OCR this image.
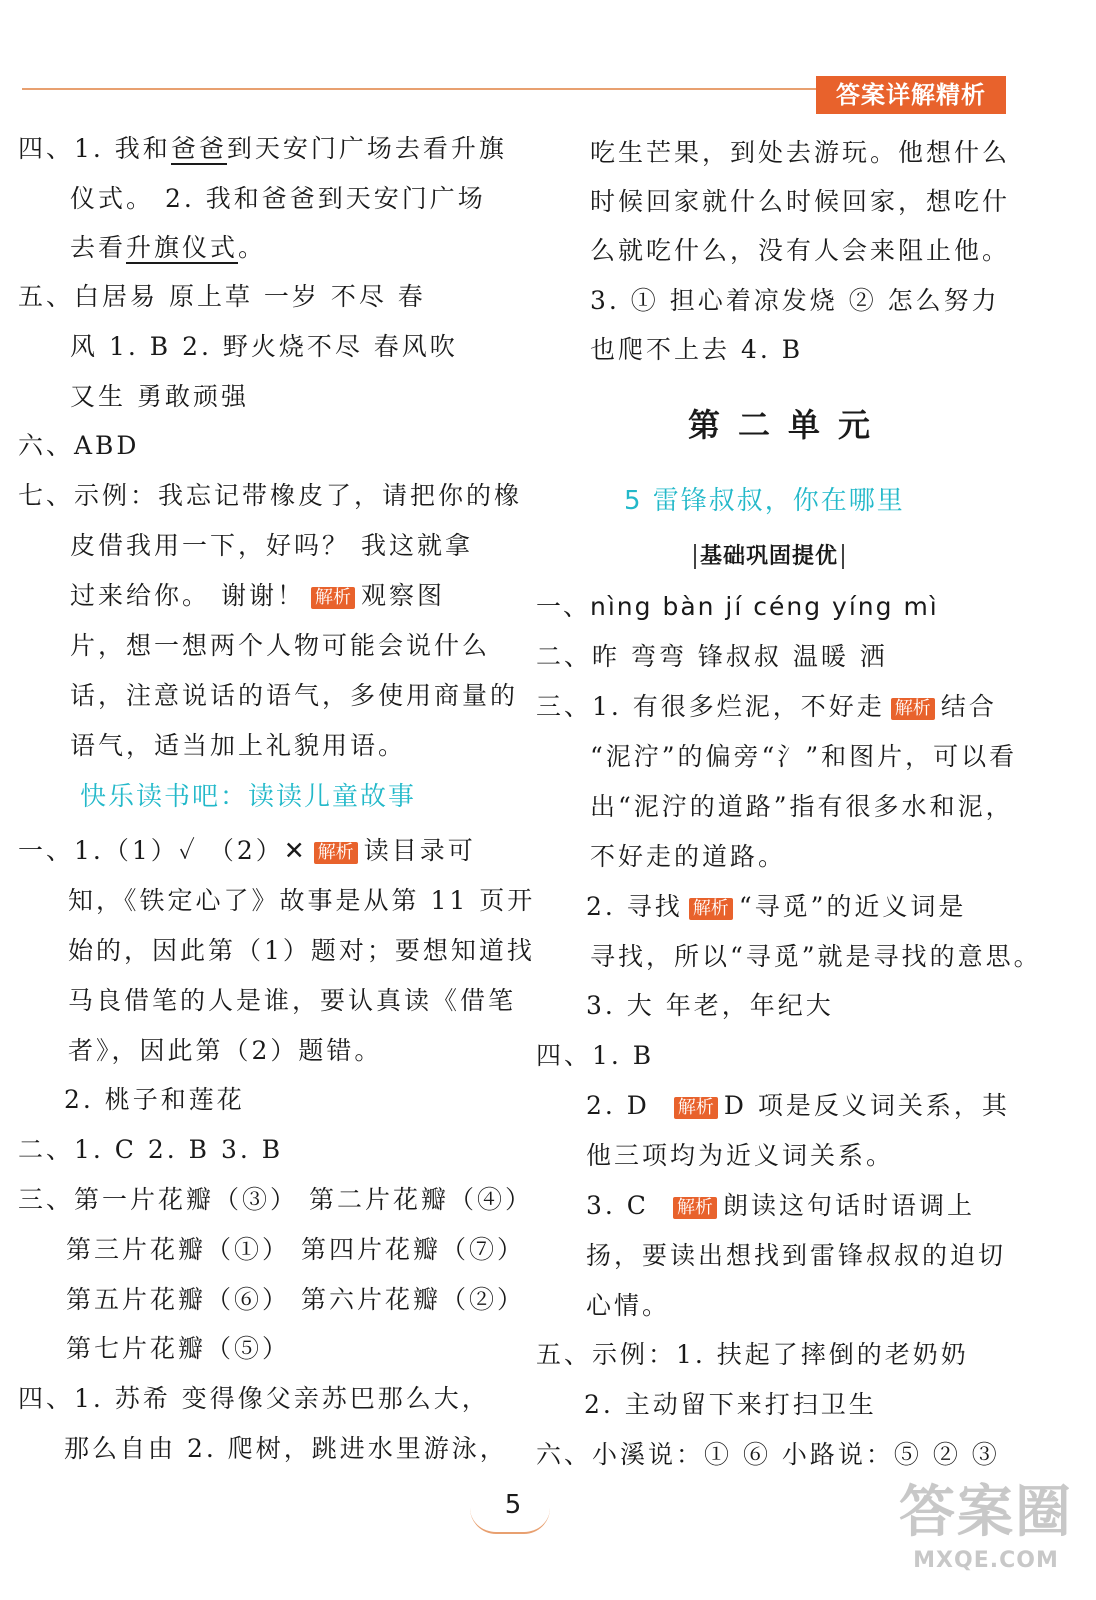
答案详解精析
四、1. 我和爸爸到天安门广场去看升旗
仪式。 2. 我和爸爸到天安门广场
去看升旗仪式。
五、白居易 原上草 一岁 不尽 春
风 1. B 2. 野火烧不尽 春风吹
又生 勇敢顽强
六、ABD
七、示例：我忘记带橡皮了，请把你的橡
皮借我用一下，好吗？ 我这就拿
过来给你。 谢谢！ 解析 观察图
片，想一想两个人物可能会说什么
话，注意说话的语气，多使用商量的
语气，适当加上礼貌用语。
快乐读书吧：读读儿童故事
一、1.（1）✓ （2）✕ 解析 读目录可
知，《铁定心了》故事是从第 11 页开
始的，因此第（1）题对；要想知道找
马良借笔的人是谁，要认真读《借笔
者》，因此第（2）题错。
2. 桃子和莲花
二、1. C 2. B 3. B
三、第一片花瓣（③） 第二片花瓣（④）
第三片花瓣（①） 第四片花瓣（⑦）
第五片花瓣（⑥） 第六片花瓣（②）
第七片花瓣（⑤）
四、1. 苏希 变得像父亲苏巴那么大，
那么自由 2. 爬树，跳进水里游泳，
吃生芒果，到处去游玩。他想什么
时候回家就什么时候回家，想吃什
么就吃什么，没有人会来阻止他。
3. ① 担心着凉发烧 ② 怎么努力
也爬不上去 4. B
第二单元
5 雷锋叔叔，你在哪里
基础巩固提优
一、nìng bàn jí céng yíng mì
二、昨 弯弯 锋叔叔 温暖 洒
三、1. 有很多烂泥，不好走 解析 结合
“泥泞”的偏旁“氵”和图片，可以看
出“泥泞的道路”指有很多水和泥，
不好走的道路。
2. 寻找 解析 “寻觅”的近义词是
寻找，所以“寻觅”就是寻找的意思。
3. 大 年老，年纪大
四、1. B
2. D 解析 D 项是反义词关系，其
他三项均为近义词关系。
3. C 解析 朗读这句话时语调上
扬，要读出想找到雷锋叔叔的迫切
心情。
五、示例：1. 扶起了摔倒的老奶奶
2. 主动留下来打扫卫生
六、小溪说：① ⑥ 小路说：⑤ ② ③
5	答案圈
MXQE.COM
